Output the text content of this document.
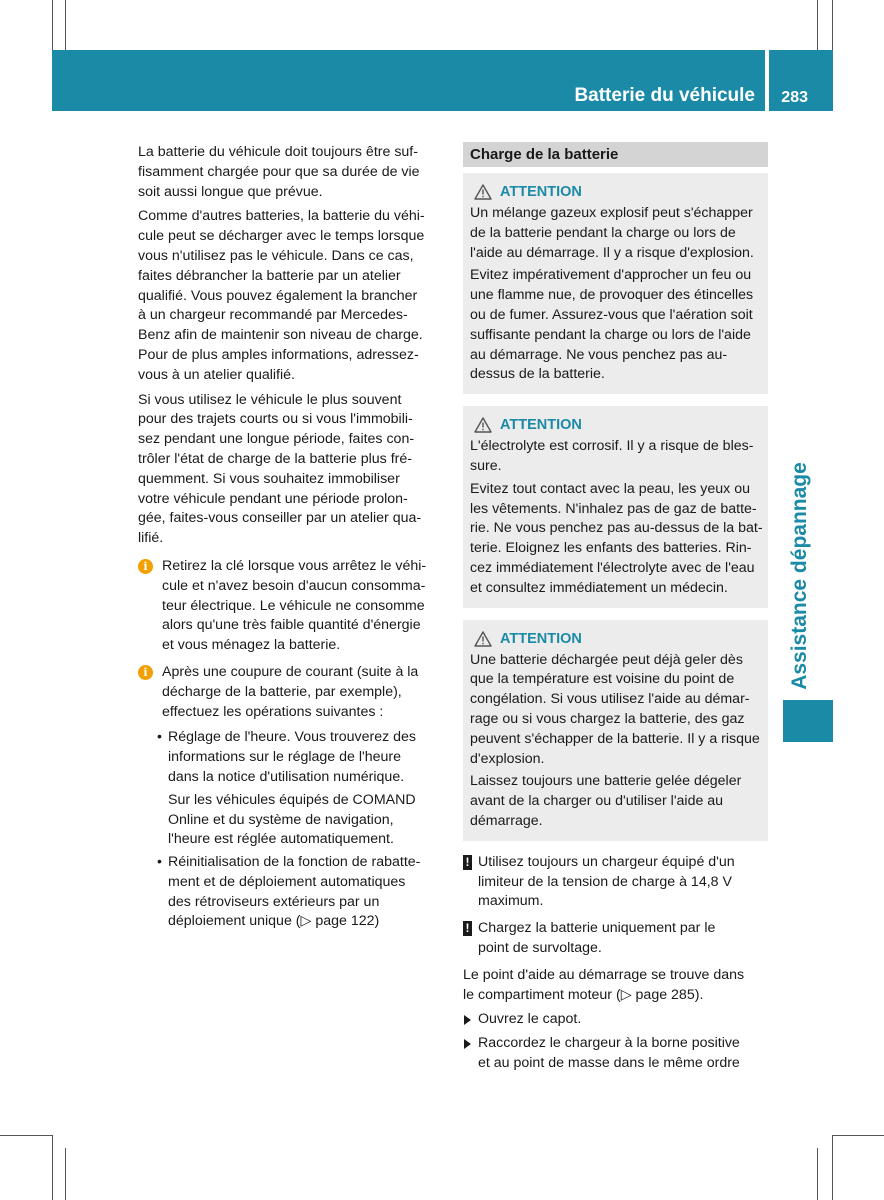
Batterie du véhicule	283
Assistance dépannage

La batterie du véhicule doit toujours être suf-
fisamment chargée pour que sa durée de vie
soit aussi longue que prévue.

Comme d'autres batteries, la batterie du véhi-
cule peut se décharger avec le temps lorsque
vous n'utilisez pas le véhicule. Dans ce cas,
faites débrancher la batterie par un atelier
qualifié. Vous pouvez également la brancher
à un chargeur recommandé par Mercedes-
Benz afin de maintenir son niveau de charge.
Pour de plus amples informations, adressez-
vous à un atelier qualifié.

Si vous utilisez le véhicule le plus souvent
pour des trajets courts ou si vous l'immobili-
sez pendant une longue période, faites con-
trôler l'état de charge de la batterie plus fré-
quemment. Si vous souhaitez immobiliser
votre véhicule pendant une période prolon-
gée, faites-vous conseiller par un atelier qua-
lifié.

i	Retirez la clé lorsque vous arrêtez le véhi-
cule et n'avez besoin d'aucun consomma-
teur électrique. Le véhicule ne consomme
alors qu'une très faible quantité d'énergie
et vous ménagez la batterie.
i	Après une coupure de courant (suite à la
décharge de la batterie, par exemple),
effectuez les opérations suivantes :
• Réglage de l'heure. Vous trouverez des
informations sur le réglage de l'heure
dans la notice d'utilisation numérique.
Sur les véhicules équipés de COMAND
Online et du système de navigation,
l'heure est réglée automatiquement.
• Réinitialisation de la fonction de rabatte-
ment et de déploiement automatiques
des rétroviseurs extérieurs par un
déploiement unique (▷ page 122)
Charge de la batterie
ATTENTION

Un mélange gazeux explosif peut s'échapper
de la batterie pendant la charge ou lors de
l'aide au démarrage. Il y a risque d'explosion.

Evitez impérativement d'approcher un feu ou
une flamme nue, de provoquer des étincelles
ou de fumer. Assurez-vous que l'aération soit
suffisante pendant la charge ou lors de l'aide
au démarrage. Ne vous penchez pas au-
dessus de la batterie.

ATTENTION

L'électrolyte est corrosif. Il y a risque de bles-
sure.

Evitez tout contact avec la peau, les yeux ou
les vêtements. N'inhalez pas de gaz de batte-
rie. Ne vous penchez pas au-dessus de la bat-
terie. Eloignez les enfants des batteries. Rin-
cez immédiatement l'électrolyte avec de l'eau
et consultez immédiatement un médecin.

ATTENTION

Une batterie déchargée peut déjà geler dès
que la température est voisine du point de
congélation. Si vous utilisez l'aide au démar-
rage ou si vous chargez la batterie, des gaz
peuvent s'échapper de la batterie. Il y a risque
d'explosion.

Laissez toujours une batterie gelée dégeler
avant de la charger ou d'utiliser l'aide au
démarrage.

! Utilisez toujours un chargeur équipé d'un
limiteur de la tension de charge à 14,8 V
maximum.
! Chargez la batterie uniquement par le
point de survoltage.

Le point d'aide au démarrage se trouve dans
le compartiment moteur (▷ page 285).

Ouvrez le capot.
Raccordez le chargeur à la borne positive
et au point de masse dans le même ordre
